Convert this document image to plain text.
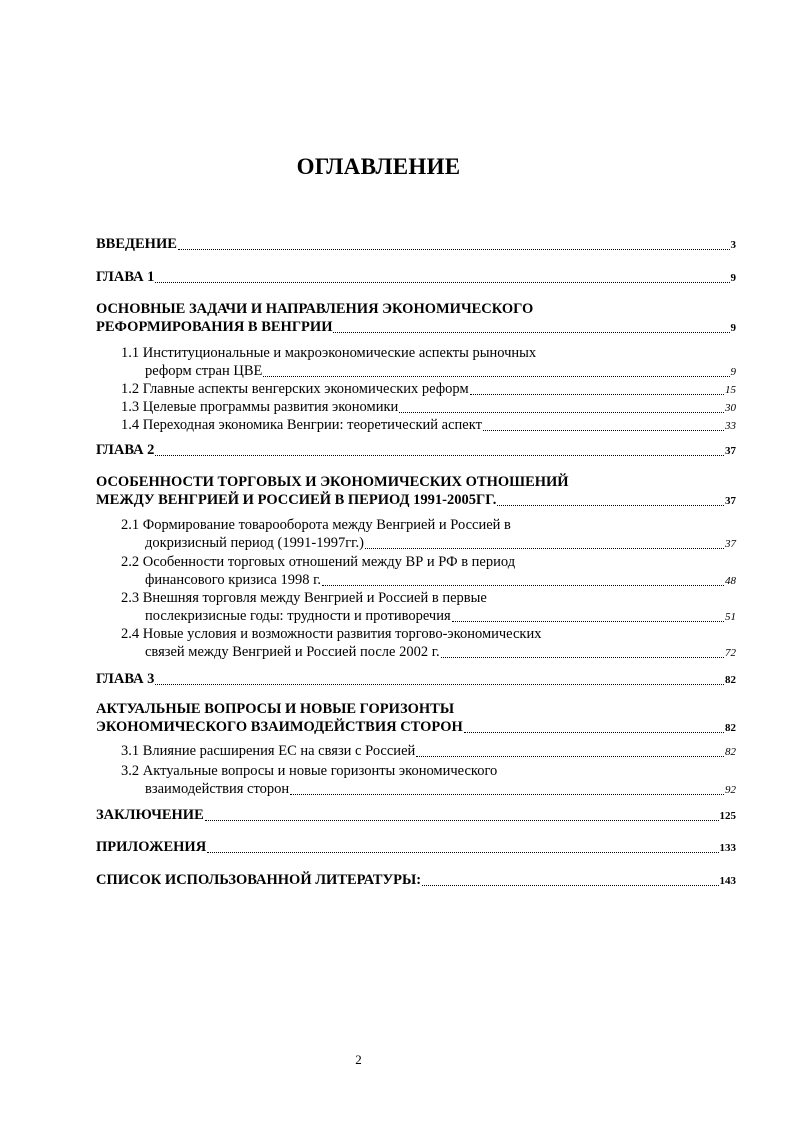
ОГЛАВЛЕНИЕ
ВВЕДЕНИЕ	3
ГЛАВА 1	9
ОСНОВНЫЕ ЗАДАЧИ И НАПРАВЛЕНИЯ ЭКОНОМИЧЕСКОГО
РЕФОРМИРОВАНИЯ В ВЕНГРИИ	9
1.1 Институциональные и макроэкономические аспекты рыночных
реформ стран ЦВЕ	9
1.2 Главные аспекты венгерских экономических реформ	15
1.3 Целевые программы развития экономики	30
1.4 Переходная экономика Венгрии: теоретический аспект	33
ГЛАВА 2	37
ОСОБЕННОСТИ ТОРГОВЫХ И ЭКОНОМИЧЕСКИХ ОТНОШЕНИЙ
МЕЖДУ ВЕНГРИЕЙ И РОССИЕЙ В ПЕРИОД 1991-2005ГГ.	37
2.1 Формирование товарооборота между Венгрией и Россией в
докризисный период (1991-1997гг.)	37
2.2 Особенности торговых отношений между ВР и РФ в период
финансового кризиса 1998 г.	48
2.3 Внешняя торговля между Венгрией и Россией в первые
послекризисные годы: трудности и противоречия	51
2.4 Новые условия и возможности развития торгово-экономических
связей между Венгрией и Россией после 2002 г.	72
ГЛАВА 3	82
АКТУАЛЬНЫЕ ВОПРОСЫ И НОВЫЕ ГОРИЗОНТЫ
ЭКОНОМИЧЕСКОГО ВЗАИМОДЕЙСТВИЯ СТОРОН	82
3.1 Влияние расширения ЕС на связи с Россией	82
3.2 Актуальные вопросы и новые горизонты экономического
взаимодействия сторон	92
ЗАКЛЮЧЕНИЕ	125
ПРИЛОЖЕНИЯ	133
СПИСОК ИСПОЛЬЗОВАННОЙ ЛИТЕРАТУРЫ:	143
2
